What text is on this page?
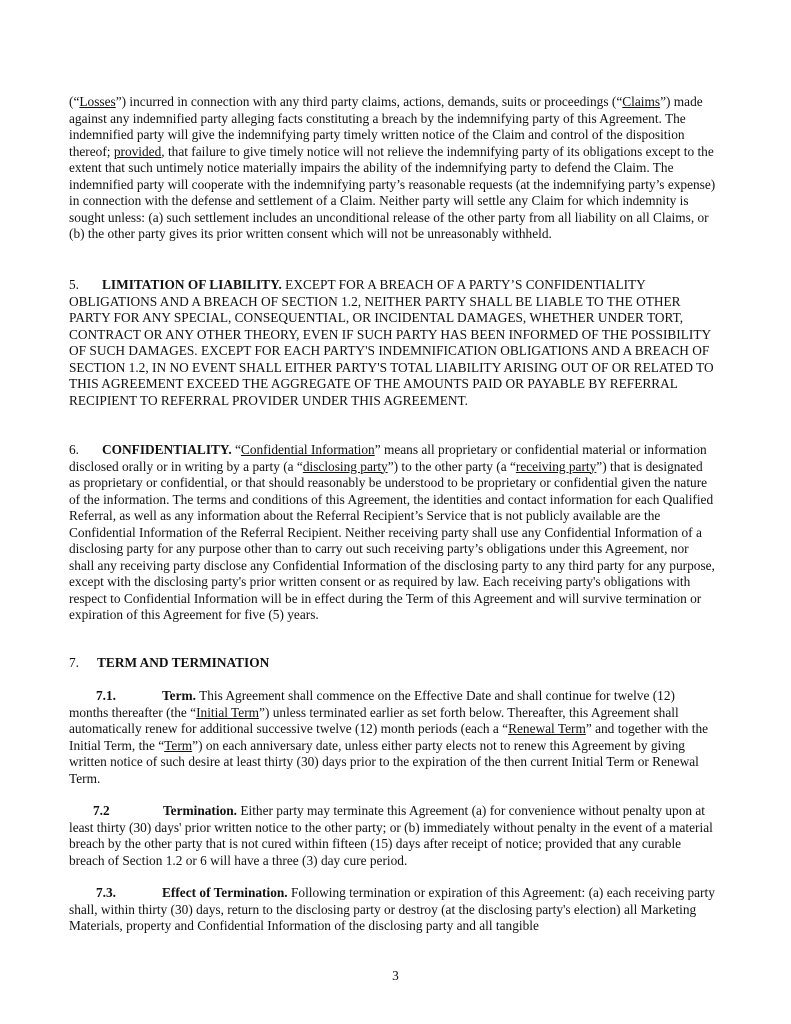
(“Losses”) incurred in connection with any third party claims, actions, demands, suits or proceedings (“Claims”) made against any indemnified party alleging facts constituting a breach by the indemnifying party of this Agreement. The indemnified party will give the indemnifying party timely written notice of the Claim and control of the disposition thereof; provided, that failure to give timely notice will not relieve the indemnifying party of its obligations except to the extent that such untimely notice materially impairs the ability of the indemnifying party to defend the Claim. The indemnified party will cooperate with the indemnifying party’s reasonable requests (at the indemnifying party’s expense) in connection with the defense and settlement of a Claim. Neither party will settle any Claim for which indemnity is sought unless: (a) such settlement includes an unconditional release of the other party from all liability on all Claims, or (b) the other party gives its prior written consent which will not be unreasonably withheld.

5. LIMITATION OF LIABILITY. EXCEPT FOR A BREACH OF A PARTY’S CONFIDENTIALITY OBLIGATIONS AND A BREACH OF SECTION 1.2, NEITHER PARTY SHALL BE LIABLE TO THE OTHER PARTY FOR ANY SPECIAL, CONSEQUENTIAL, OR INCIDENTAL DAMAGES, WHETHER UNDER TORT, CONTRACT OR ANY OTHER THEORY, EVEN IF SUCH PARTY HAS BEEN INFORMED OF THE POSSIBILITY OF SUCH DAMAGES. EXCEPT FOR EACH PARTY'S INDEMNIFICATION OBLIGATIONS AND A BREACH OF SECTION 1.2, IN NO EVENT SHALL EITHER PARTY'S TOTAL LIABILITY ARISING OUT OF OR RELATED TO THIS AGREEMENT EXCEED THE AGGREGATE OF THE AMOUNTS PAID OR PAYABLE BY REFERRAL RECIPIENT TO REFERRAL PROVIDER UNDER THIS AGREEMENT.

6. CONFIDENTIALITY. “Confidential Information” means all proprietary or confidential material or information disclosed orally or in writing by a party (a “disclosing party”) to the other party (a “receiving party”) that is designated as proprietary or confidential, or that should reasonably be understood to be proprietary or confidential given the nature of the information. The terms and conditions of this Agreement, the identities and contact information for each Qualified Referral, as well as any information about the Referral Recipient’s Service that is not publicly available are the Confidential Information of the Referral Recipient. Neither receiving party shall use any Confidential Information of a disclosing party for any purpose other than to carry out such receiving party’s obligations under this Agreement, nor shall any receiving party disclose any Confidential Information of the disclosing party to any third party for any purpose, except with the disclosing party's prior written consent or as required by law. Each receiving party's obligations with respect to Confidential Information will be in effect during the Term of this Agreement and will survive termination or expiration of this Agreement for five (5) years.

7. TERM AND TERMINATION

7.1.	Term. This Agreement shall commence on the Effective Date and shall continue for twelve (12) months thereafter (the “Initial Term”) unless terminated earlier as set forth below. Thereafter, this Agreement shall automatically renew for additional successive twelve (12) month periods (each a “Renewal Term” and together with the Initial Term, the “Term”) on each anniversary date, unless either party elects not to renew this Agreement by giving written notice of such desire at least thirty (30) days prior to the expiration of the then current Initial Term or Renewal Term.

7.2	Termination. Either party may terminate this Agreement (a) for convenience without penalty upon at least thirty (30) days' prior written notice to the other party; or (b) immediately without penalty in the event of a material breach by the other party that is not cured within fifteen (15) days after receipt of notice; provided that any curable breach of Section 1.2 or 6 will have a three (3) day cure period.

7.3.	Effect of Termination. Following termination or expiration of this Agreement: (a) each receiving party shall, within thirty (30) days, return to the disclosing party or destroy (at the disclosing party's election) all Marketing Materials, property and Confidential Information of the disclosing party and all tangible

3
